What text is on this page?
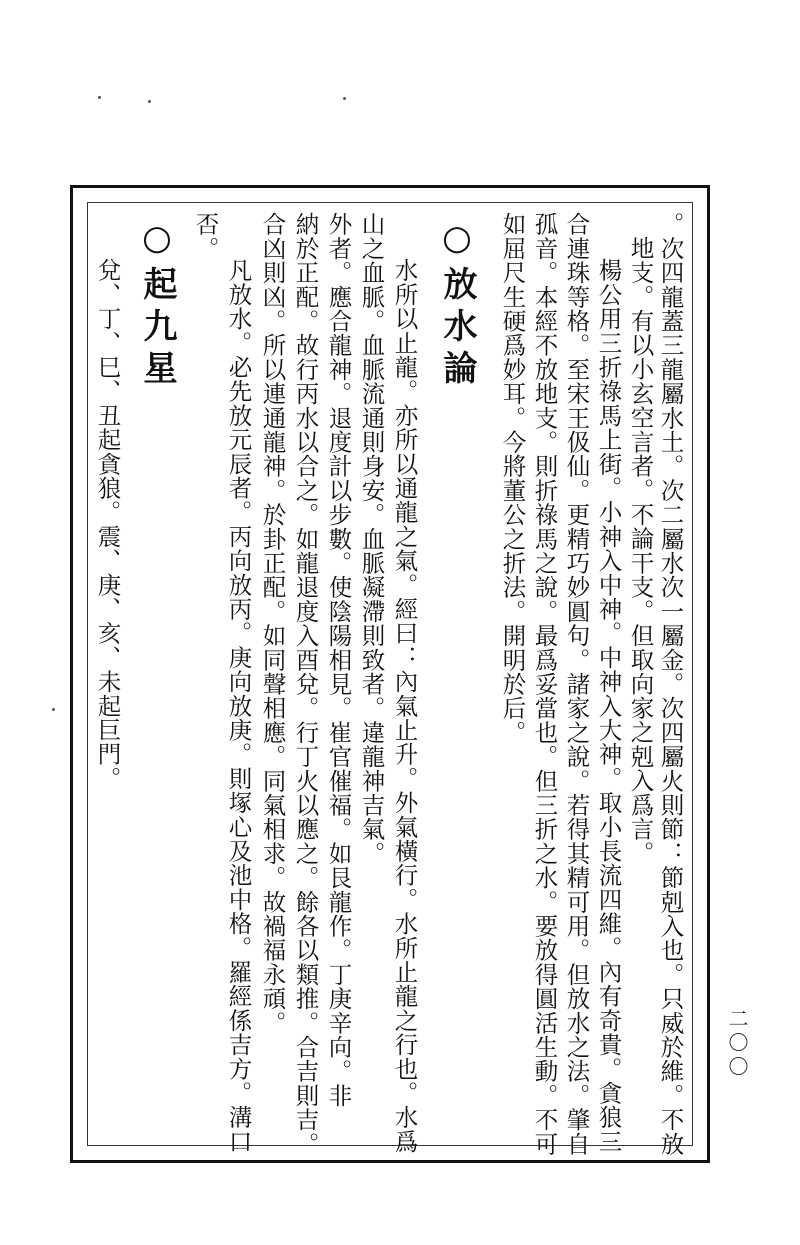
。次四龍蓋三龍屬水土。次二屬水次一屬金。次四屬火則節：節剋入也。只威於維。不放
地支。有以小玄空言者。不論干支。但取向家之剋入爲言。
楊公用三折祿馬上街。小神入中神。中神入大神。取小長流四維。內有奇貴。貪狼三
合連珠等格。至宋王伋仙。更精巧妙圓句。諸家之說。若得其精可用。但放水之法。肇自
孤音。本經不放地支。則折祿馬之說。最爲妥當也。但三折之水。要放得圓活生動。不可
如屈尺生硬爲妙耳。今將董公之折法。開明於后。
○放水論
水所以止龍。亦所以通龍之氣。經曰：內氣止升。外氣橫行。水所止龍之行也。水爲
山之血脈。血脈流通則身安。血脈凝滯則致者。違龍神吉氣。
外者。應合龍神。退度計以步數。使陰陽相見。崔官催福。如艮龍作。丁庚辛向。非
納於正配。故行丙水以合之。如龍退度入酉兌。行丁火以應之。餘各以類推。合吉則吉。
合凶則凶。所以連通龍神。於卦正配。如同聲相應。同氣相求。故禍福永頑。
凡放水。必先放元辰者。丙向放丙。庚向放庚。則塚心及池中格。羅經係吉方。溝口
否。
○起九星
兌、丁、巳、丑起貪狼。震、庚、亥、未起巨門。
二〇〇
